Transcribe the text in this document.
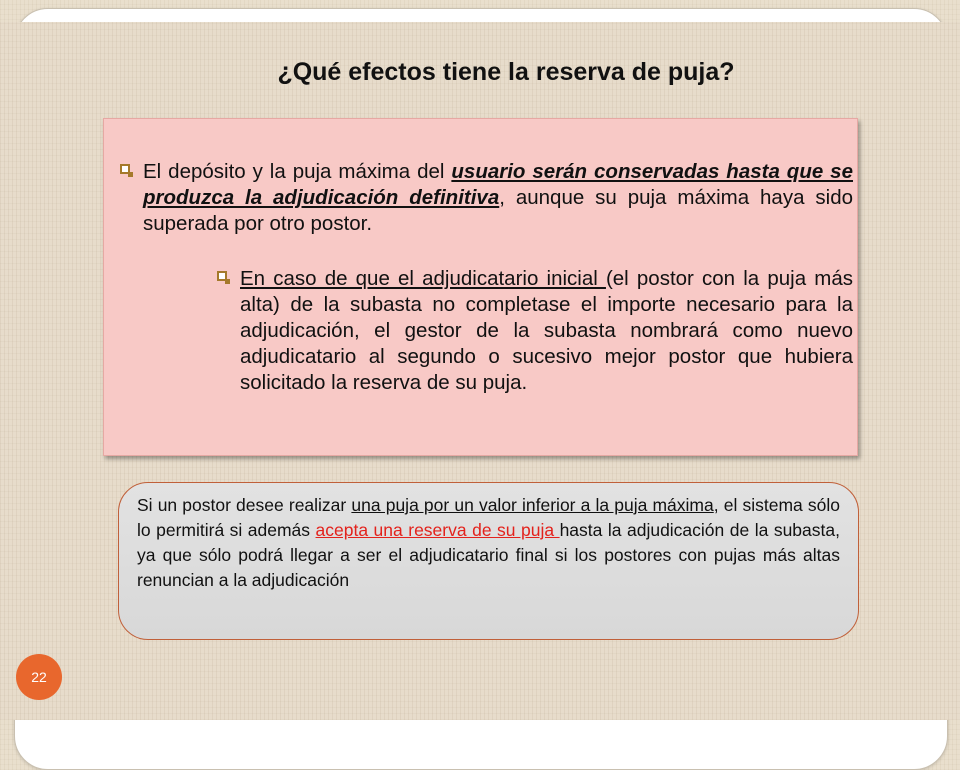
¿Qué efectos tiene la reserva de puja?

El depósito y la puja máxima del usuario serán conservadas hasta que se produzca la adjudicación definitiva, aunque su puja máxima haya sido superada por otro postor.

En caso de que el adjudicatario inicial (el postor con la puja más alta) de la subasta no completase el importe necesario para la adjudicación, el gestor de la subasta nombrará como nuevo adjudicatario al segundo o sucesivo mejor postor que hubiera solicitado la reserva de su puja.

Si un postor desee realizar una puja por un valor inferior a la puja máxima, el sistema sólo lo permitirá si además acepta una reserva de su puja hasta la adjudicación de la subasta, ya que sólo podrá llegar a ser el adjudicatario final si los postores con pujas más altas renuncian a la adjudicación

22
